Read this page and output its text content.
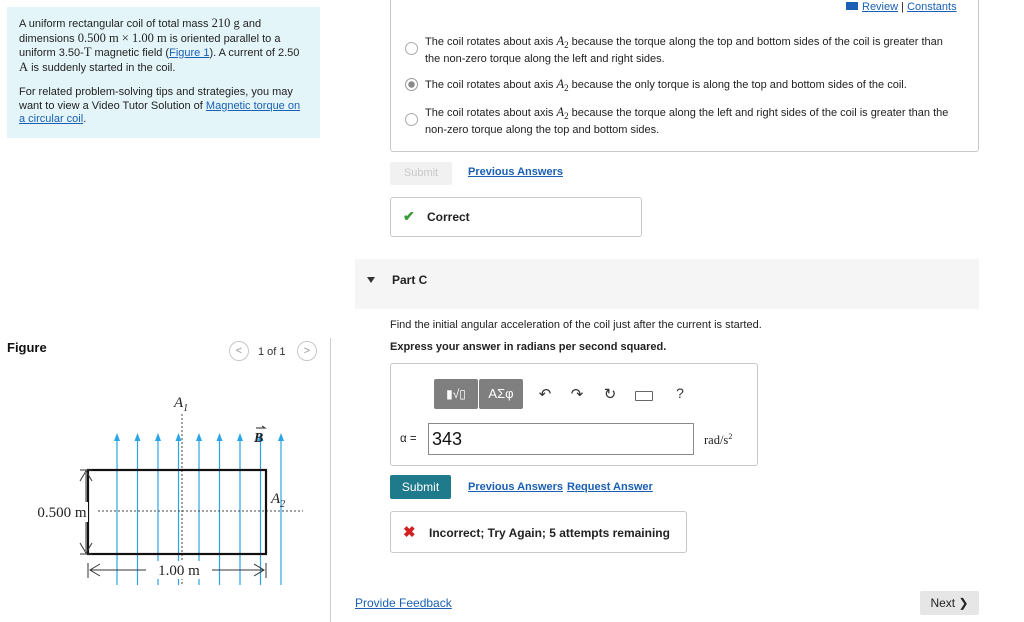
A uniform rectangular coil of total mass 210 g and dimensions 0.500 m × 1.00 m is oriented parallel to a uniform 3.50-T magnetic field (Figure 1). A current of 2.50 A is suddenly started in the coil.

For related problem-solving tips and strategies, you may want to view a Video Tutor Solution of Magnetic torque on a circular coil.

Figure	<	1 of 1	>
1.00 m
0.500 m
$A_1$
$A_2$
B
Review | Constants
The coil rotates about axis $A_2$ because the torque along the top and bottom sides of the coil is greater than the non-zero torque along the left and right sides.
The coil rotates about axis $A_2$ because the only torque is along the top and bottom sides of the coil.
The coil rotates about axis $A_2$ because the torque along the left and right sides of the coil is greater than the non-zero torque along the top and bottom sides.
Submit	Previous Answers
✔ Correct
Part C
Find the initial angular acceleration of the coil just after the current is started.
Express your answer in radians per second squared.
▮√▯	ΑΣφ	↶ ↷ ↻	?
α =
343	rad/$s^2$
Submit	Previous Answers Request Answer
✖ Incorrect; Try Again; 5 attempts remaining
Provide Feedback	Next ❯
